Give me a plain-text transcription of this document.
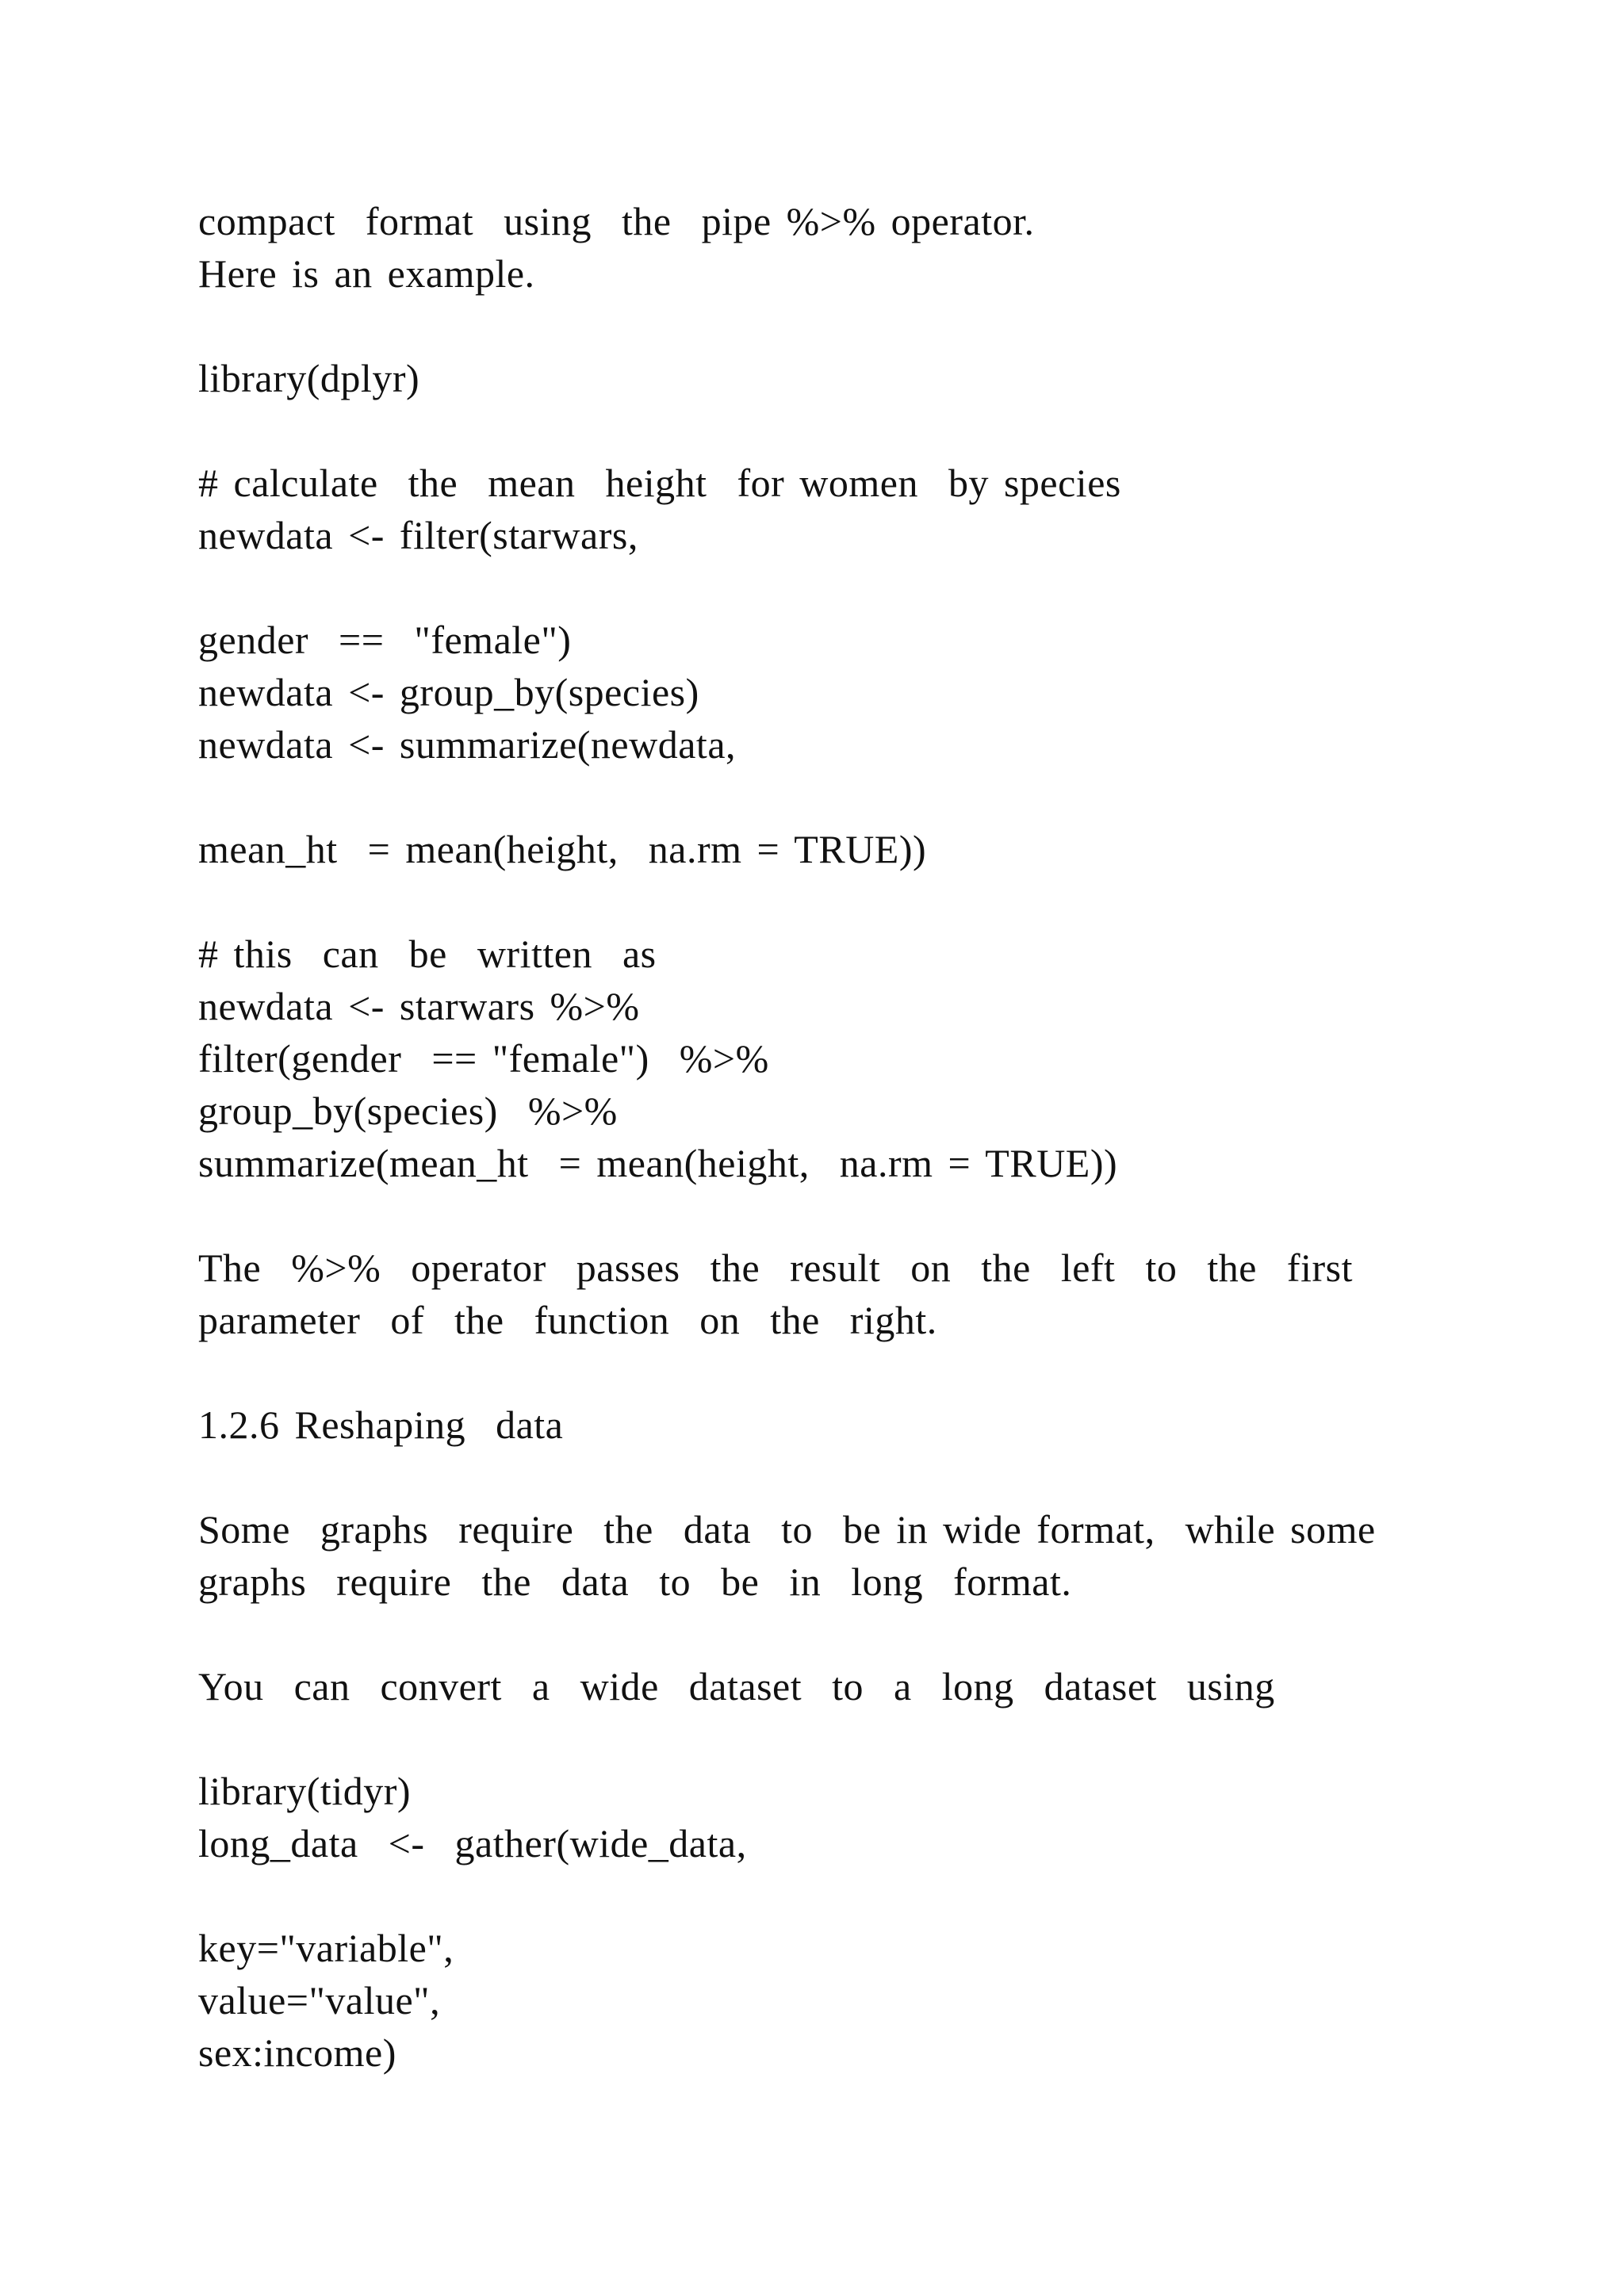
compact  format  using  the  pipe %>% operator.
Here is an example.
library(dplyr)
# calculate  the  mean  height  for women  by species
newdata <- filter(starwars,
gender  ==  "female")
newdata <- group_by(species)
newdata <- summarize(newdata,
mean_ht  = mean(height,  na.rm = TRUE))
# this  can  be  written  as
newdata <- starwars %>%
filter(gender  == "female")  %>%
group_by(species)  %>%
summarize(mean_ht  = mean(height,  na.rm = TRUE))
The  %>%  operator  passes  the  result  on  the  left  to  the  first
parameter  of  the  function  on  the  right.
1.2.6 Reshaping  data
Some  graphs  require  the  data  to  be in wide format,  while some
graphs  require  the  data  to  be  in  long  format.
You  can  convert  a  wide  dataset  to  a  long  dataset  using
library(tidyr)
long_data  <-  gather(wide_data,
key="variable",
value="value",
sex:income)
